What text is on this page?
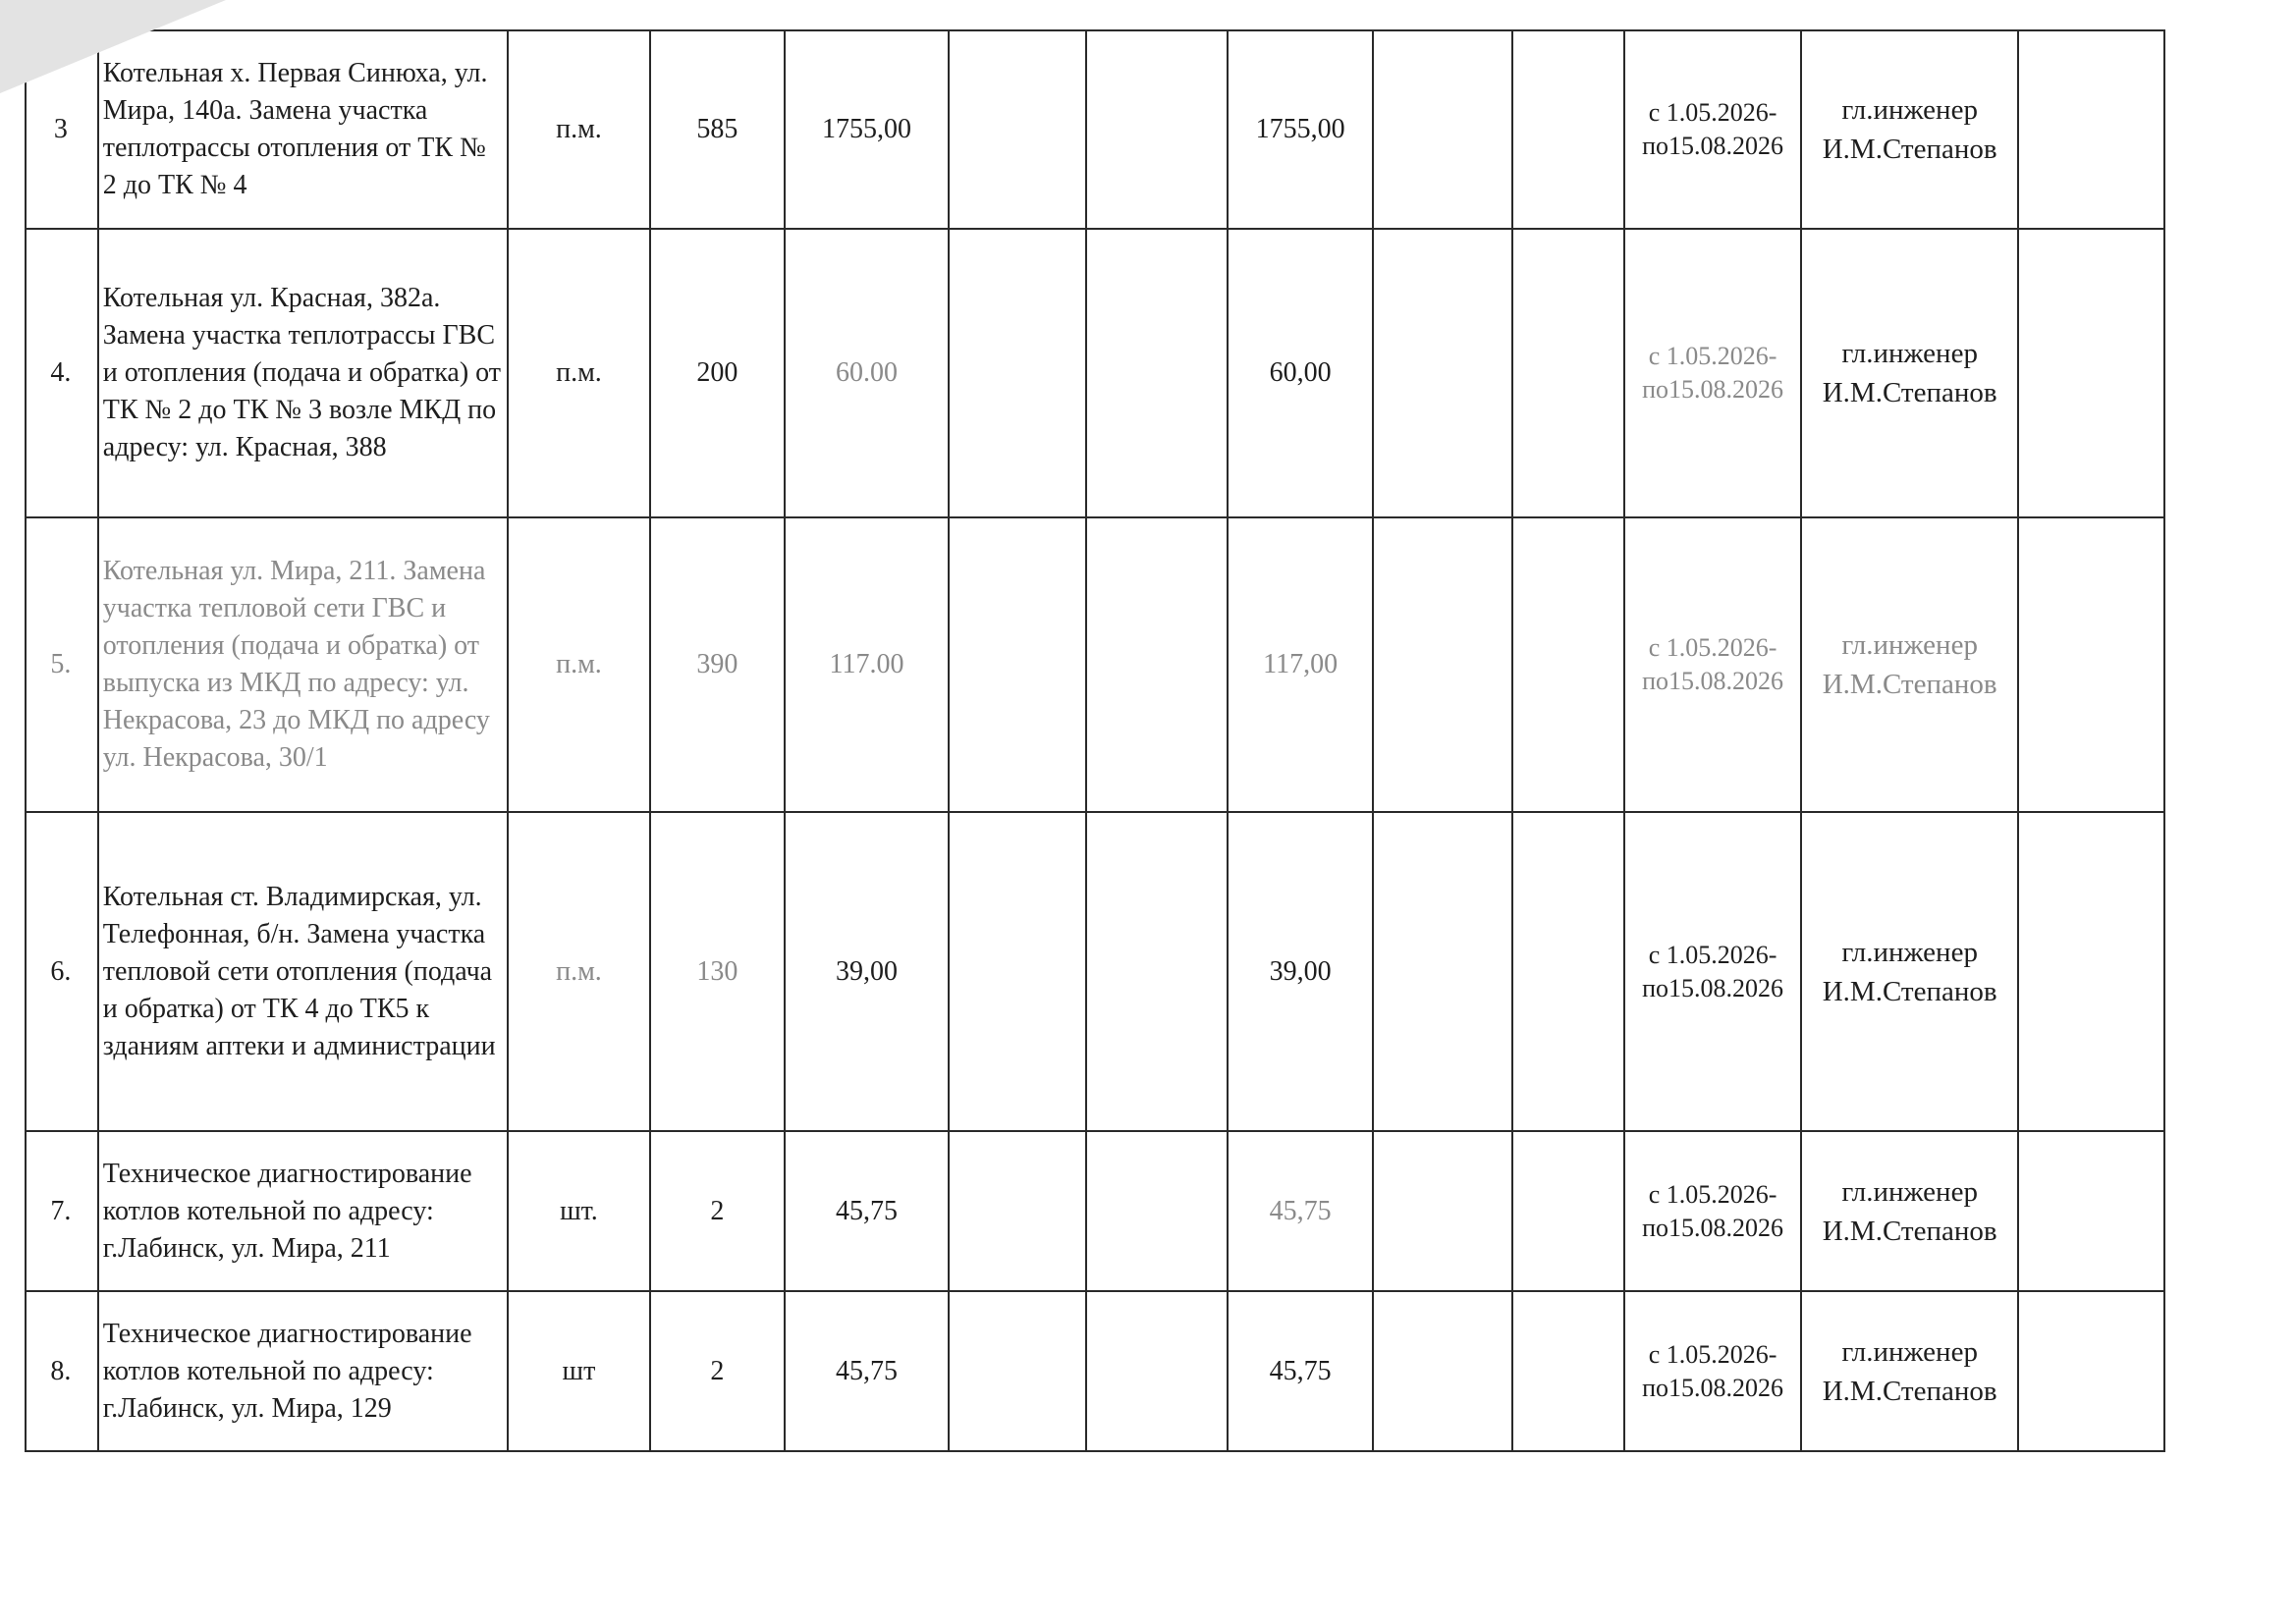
3	Котельная х. Первая Синюха, ул. Мира, 140а. Замена участка теплотрассы отопления от ТК № 2 до ТК № 4	п.м.	585	1755,00			1755,00			с 1.05.2026- по15.08.2026	гл.инженер И.М.Степанов	
4.	Котельная ул. Красная, 382а. Замена участка теплотрассы ГВС и отопления (подача и обратка) от ТК № 2 до ТК № 3 возле МКД по адресу: ул. Красная, 388	п.м.	200	60.00			60,00			с 1.05.2026- по15.08.2026	гл.инженер И.М.Степанов	
5.	Котельная ул. Мира, 211. Замена участка тепловой сети ГВС и отопления (подача и обратка) от выпуска из МКД по адресу: ул. Некрасова, 23 до МКД по адресу ул. Некрасова, 30/1	п.м.	390	117.00			117,00			с 1.05.2026- по15.08.2026	гл.инженер И.М.Степанов	
6.	Котельная ст. Владимирская, ул. Телефонная, б/н. Замена участка тепловой сети отопления (подача и обратка) от ТК 4 до ТК5 к зданиям аптеки и администрации	п.м.	130	39,00			39,00			с 1.05.2026- по15.08.2026	гл.инженер И.М.Степанов	
7.	Техническое диагностирование котлов котельной по адресу: г.Лабинск, ул. Мира, 211	шт.	2	45,75			45,75			с 1.05.2026- по15.08.2026	гл.инженер И.М.Степанов	
8.	Техническое диагностирование котлов котельной по адресу: г.Лабинск, ул. Мира, 129	шт	2	45,75			45,75			с 1.05.2026- по15.08.2026	гл.инженер И.М.Степанов	
